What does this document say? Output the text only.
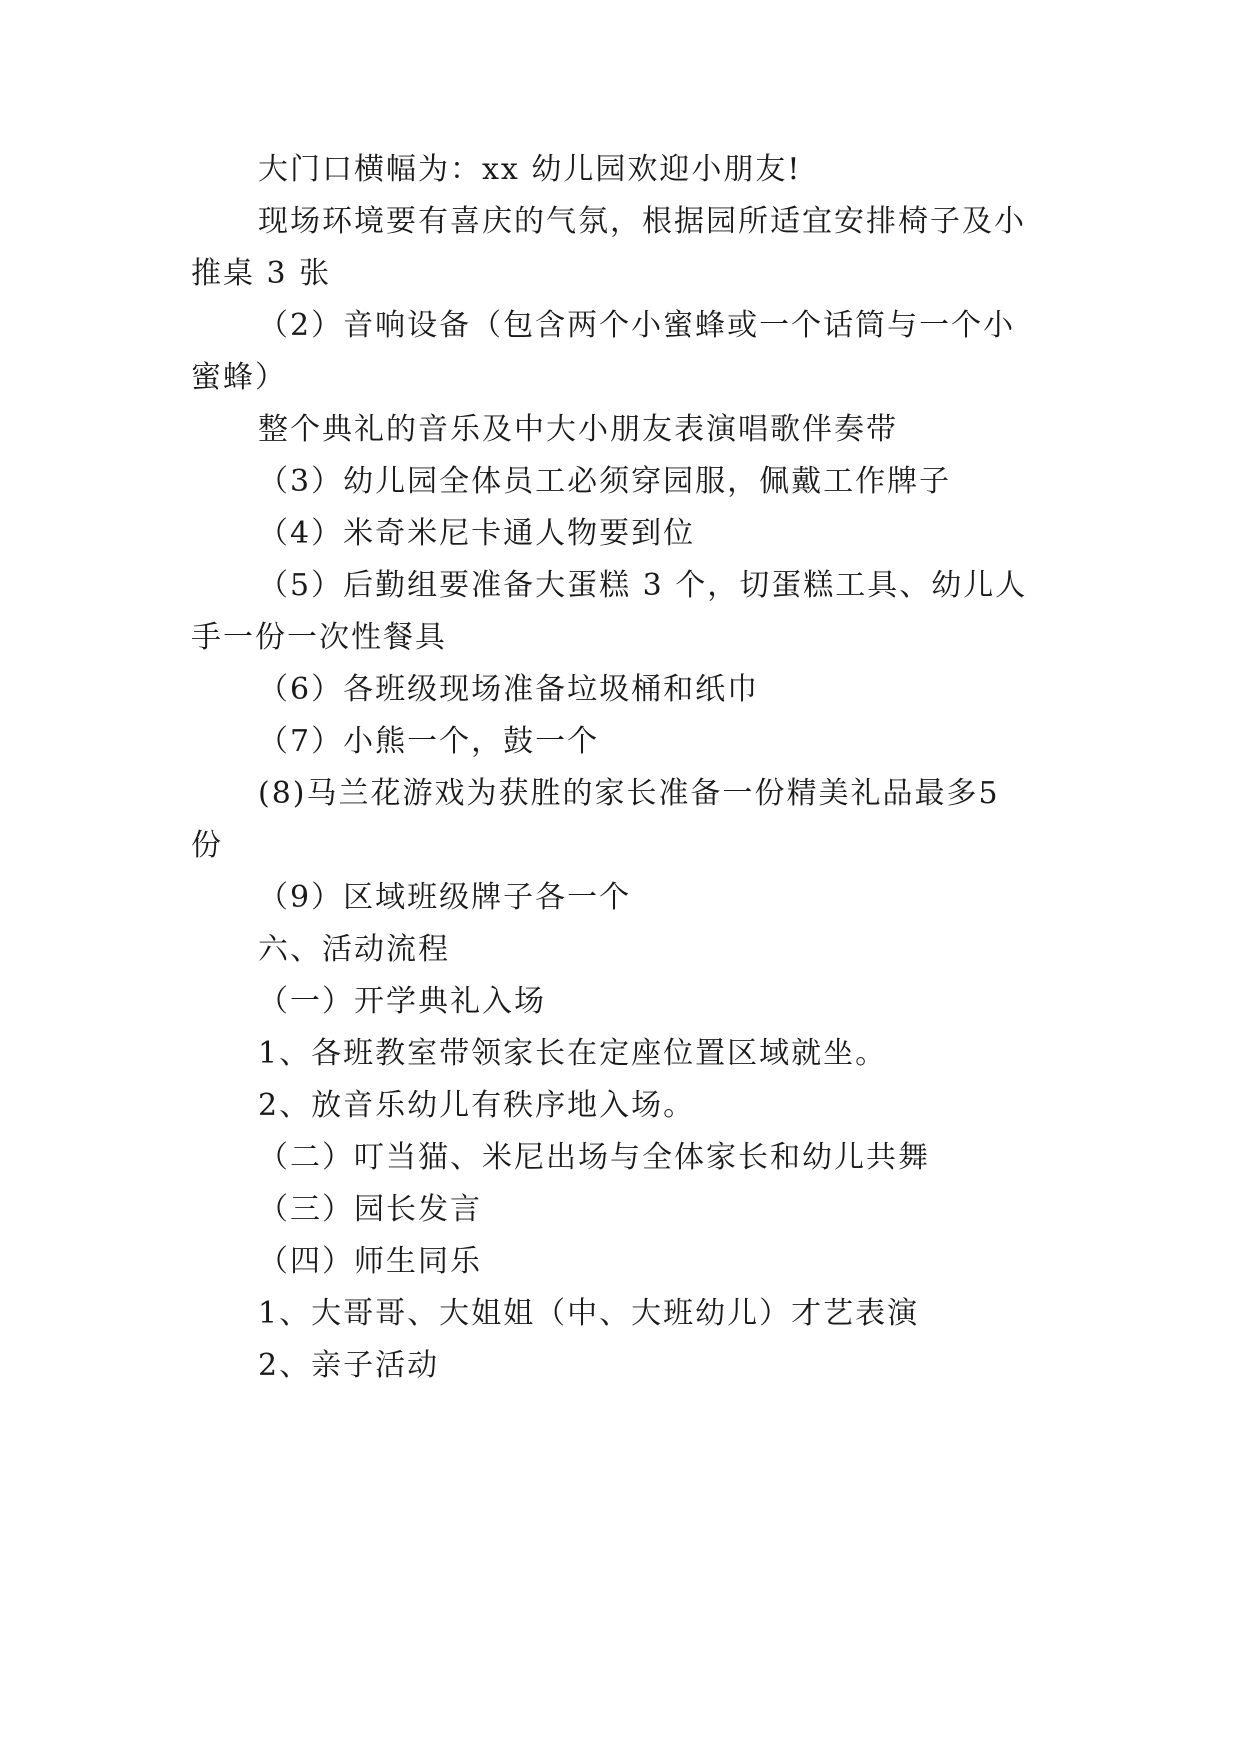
大门口横幅为：xx 幼儿园欢迎小朋友!
现场环境要有喜庆的气氛，根据园所适宜安排椅子及小
推桌 3 张
（2）音响设备（包含两个小蜜蜂或一个话筒与一个小
蜜蜂）
整个典礼的音乐及中大小朋友表演唱歌伴奏带
（3）幼儿园全体员工必须穿园服，佩戴工作牌子
（4）米奇米尼卡通人物要到位
（5）后勤组要准备大蛋糕 3 个，切蛋糕工具、幼儿人
手一份一次性餐具
（6）各班级现场准备垃圾桶和纸巾
（7）小熊一个，鼓一个
(8)马兰花游戏为获胜的家长准备一份精美礼品最多5
份
（9）区域班级牌子各一个
六、活动流程
（一）开学典礼入场
1、各班教室带领家长在定座位置区域就坐。
2、放音乐幼儿有秩序地入场。
（二）叮当猫、米尼出场与全体家长和幼儿共舞
（三）园长发言
（四）师生同乐
1、大哥哥、大姐姐（中、大班幼儿）才艺表演
2、亲子活动
